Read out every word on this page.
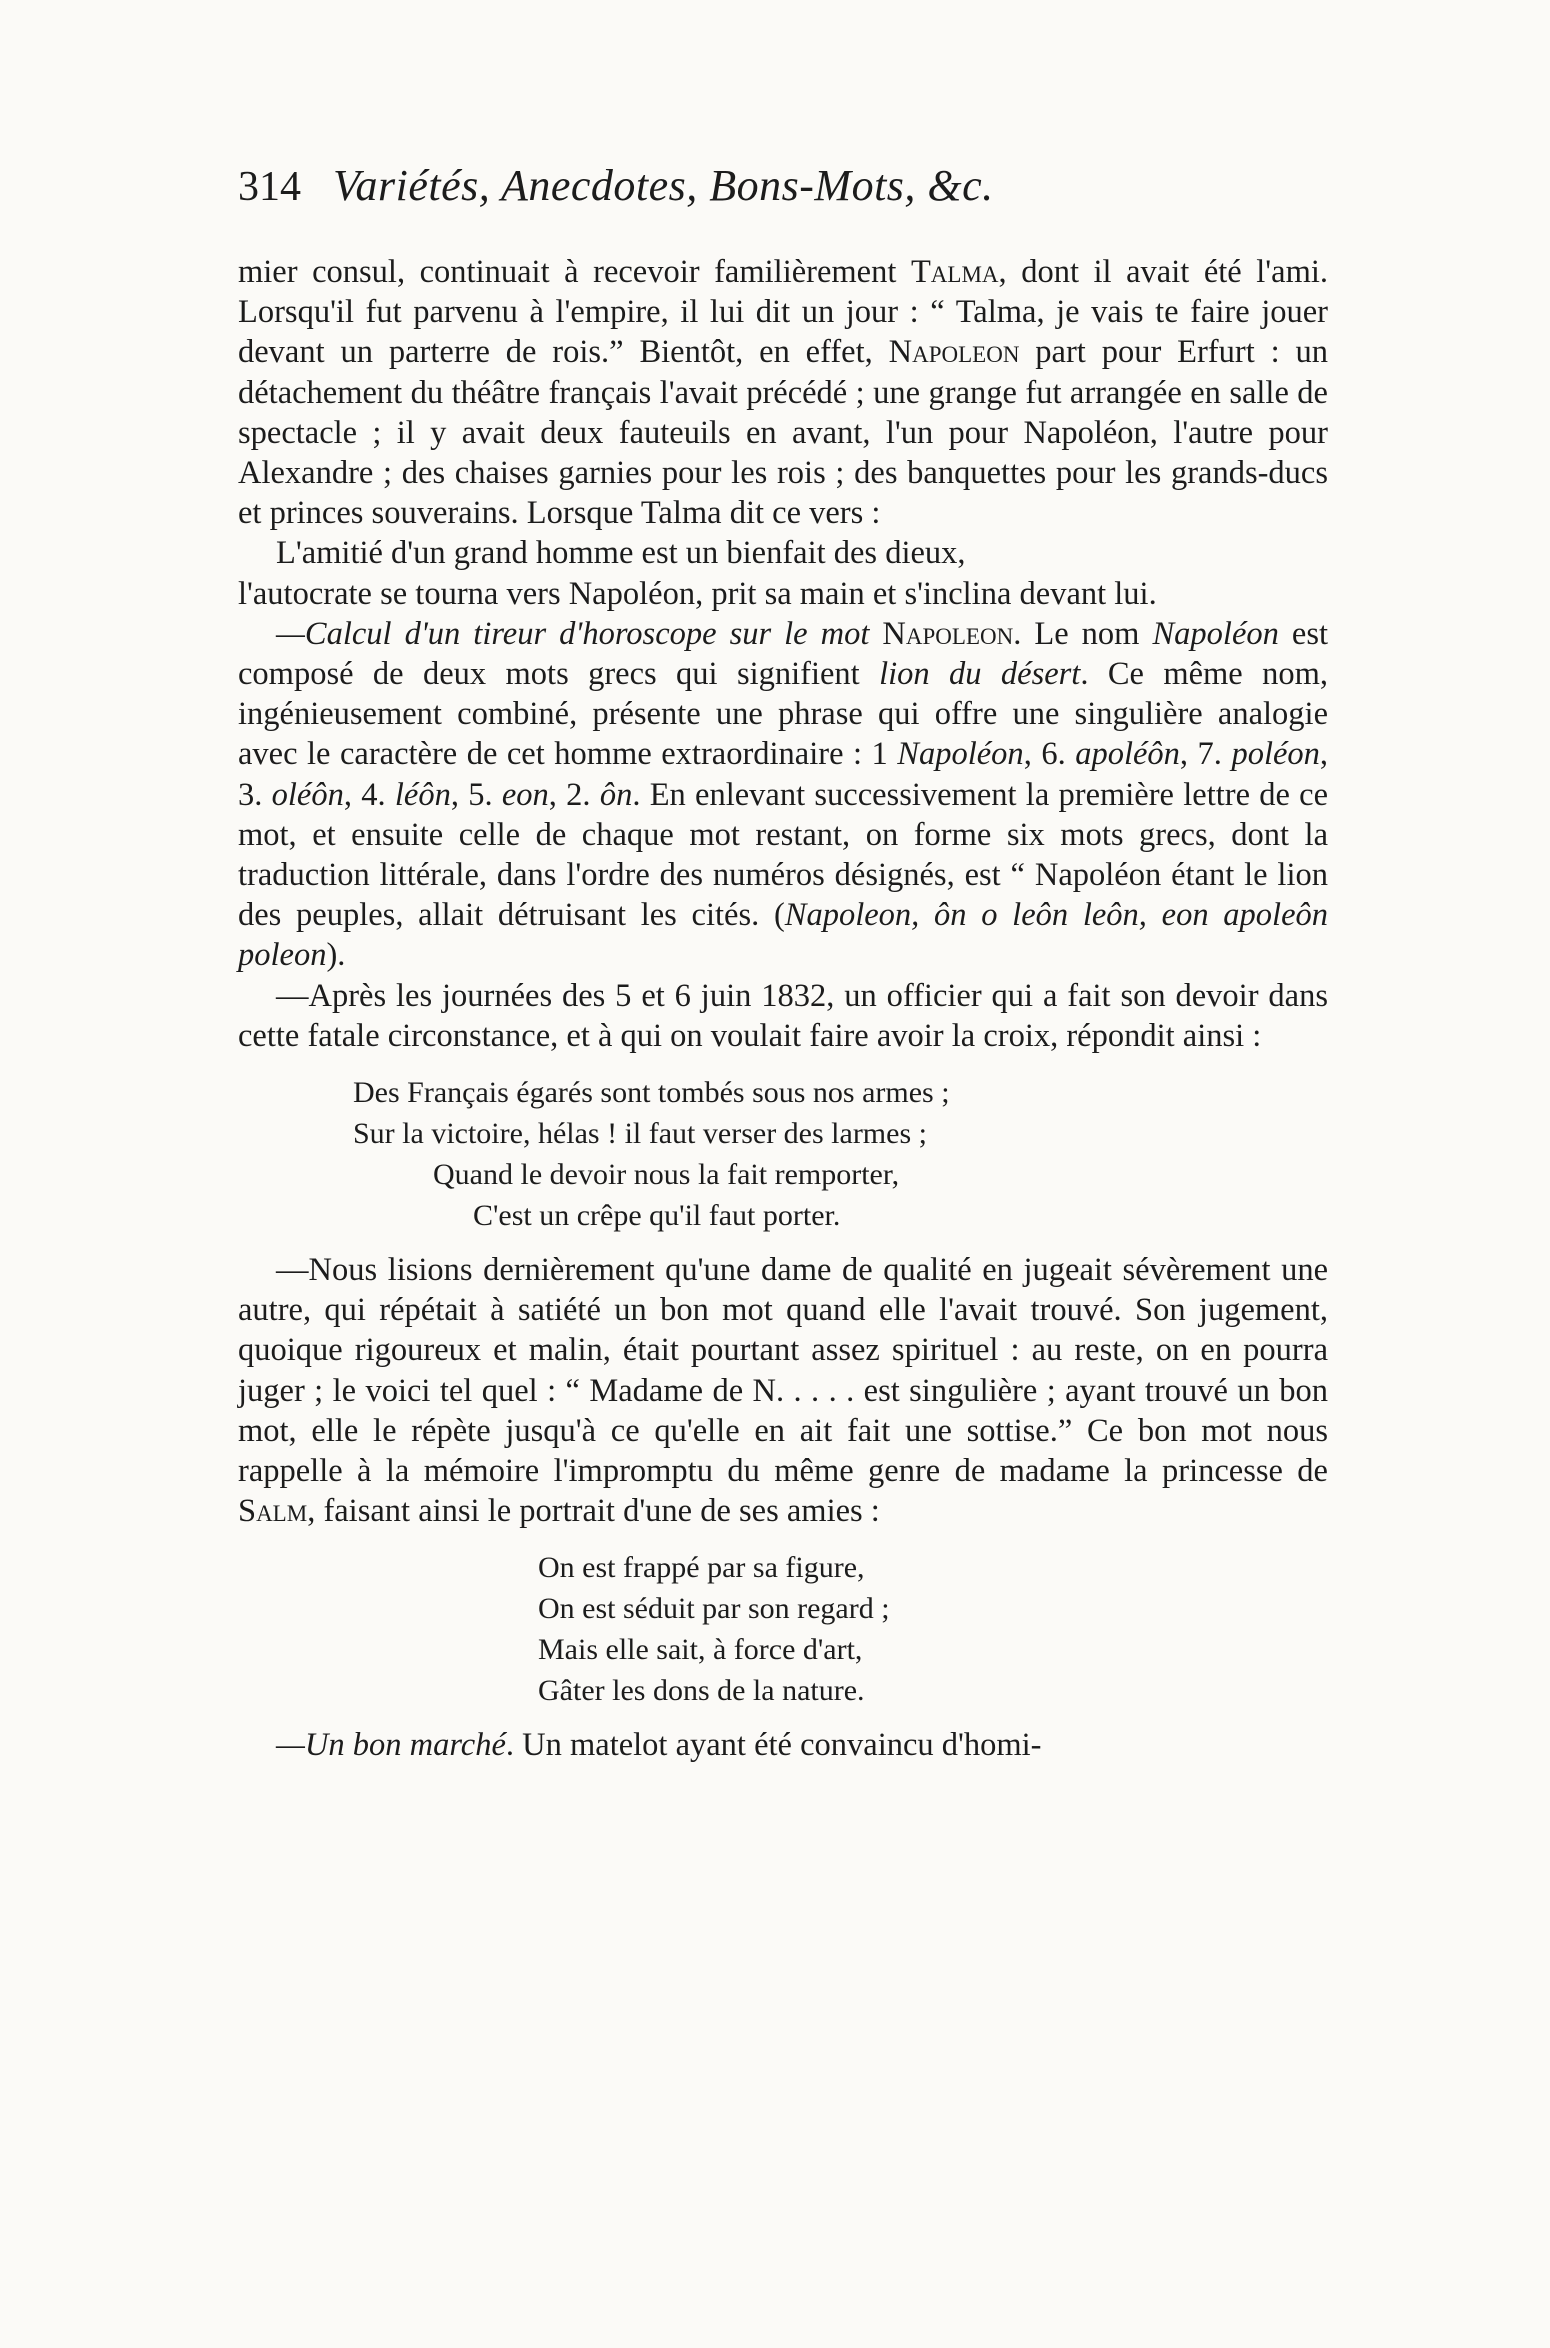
314 Variétés, Anecdotes, Bons-Mots, &c.

mier consul, continuait à recevoir familièrement Talma, dont il avait été l'ami. Lorsqu'il fut parvenu à l'empire, il lui dit un jour : “ Talma, je vais te faire jouer devant un parterre de rois.” Bientôt, en effet, Napoleon part pour Erfurt : un détachement du théâtre français l'avait précédé ; une grange fut arrangée en salle de spectacle ; il y avait deux fauteuils en avant, l'un pour Napoléon, l'autre pour Alexandre ; des chaises garnies pour les rois ; des banquettes pour les grands-ducs et princes souverains. Lorsque Talma dit ce vers :

L'amitié d'un grand homme est un bienfait des dieux,

l'autocrate se tourna vers Napoléon, prit sa main et s'inclina devant lui.

—Calcul d'un tireur d'horoscope sur le mot Napoleon. Le nom Napoléon est composé de deux mots grecs qui signifient lion du désert. Ce même nom, ingénieusement combiné, présente une phrase qui offre une singulière analogie avec le caractère de cet homme extraordinaire : 1 Napoléon, 6. apoléôn, 7. poléon, 3. oléôn, 4. léôn, 5. eon, 2. ôn. En enlevant successivement la première lettre de ce mot, et ensuite celle de chaque mot restant, on forme six mots grecs, dont la traduction littérale, dans l'ordre des numéros désignés, est “ Napoléon étant le lion des peuples, allait détruisant les cités. (Napoleon, ôn o leôn leôn, eon apoleôn poleon).

—Après les journées des 5 et 6 juin 1832, un officier qui a fait son devoir dans cette fatale circonstance, et à qui on voulait faire avoir la croix, répondit ainsi :

Des Français égarés sont tombés sous nos armes ;
Sur la victoire, hélas ! il faut verser des larmes ;
Quand le devoir nous la fait remporter,
C'est un crêpe qu'il faut porter.

—Nous lisions dernièrement qu'une dame de qualité en jugeait sévèrement une autre, qui répétait à satiété un bon mot quand elle l'avait trouvé. Son jugement, quoique rigoureux et malin, était pourtant assez spirituel : au reste, on en pourra juger ; le voici tel quel : “ Madame de N. . . . . est singulière ; ayant trouvé un bon mot, elle le répète jusqu'à ce qu'elle en ait fait une sottise.” Ce bon mot nous rappelle à la mémoire l'impromptu du même genre de madame la princesse de Salm, faisant ainsi le portrait d'une de ses amies :

On est frappé par sa figure,
On est séduit par son regard ;
Mais elle sait, à force d'art,
Gâter les dons de la nature.

—Un bon marché. Un matelot ayant été convaincu d'homi-
